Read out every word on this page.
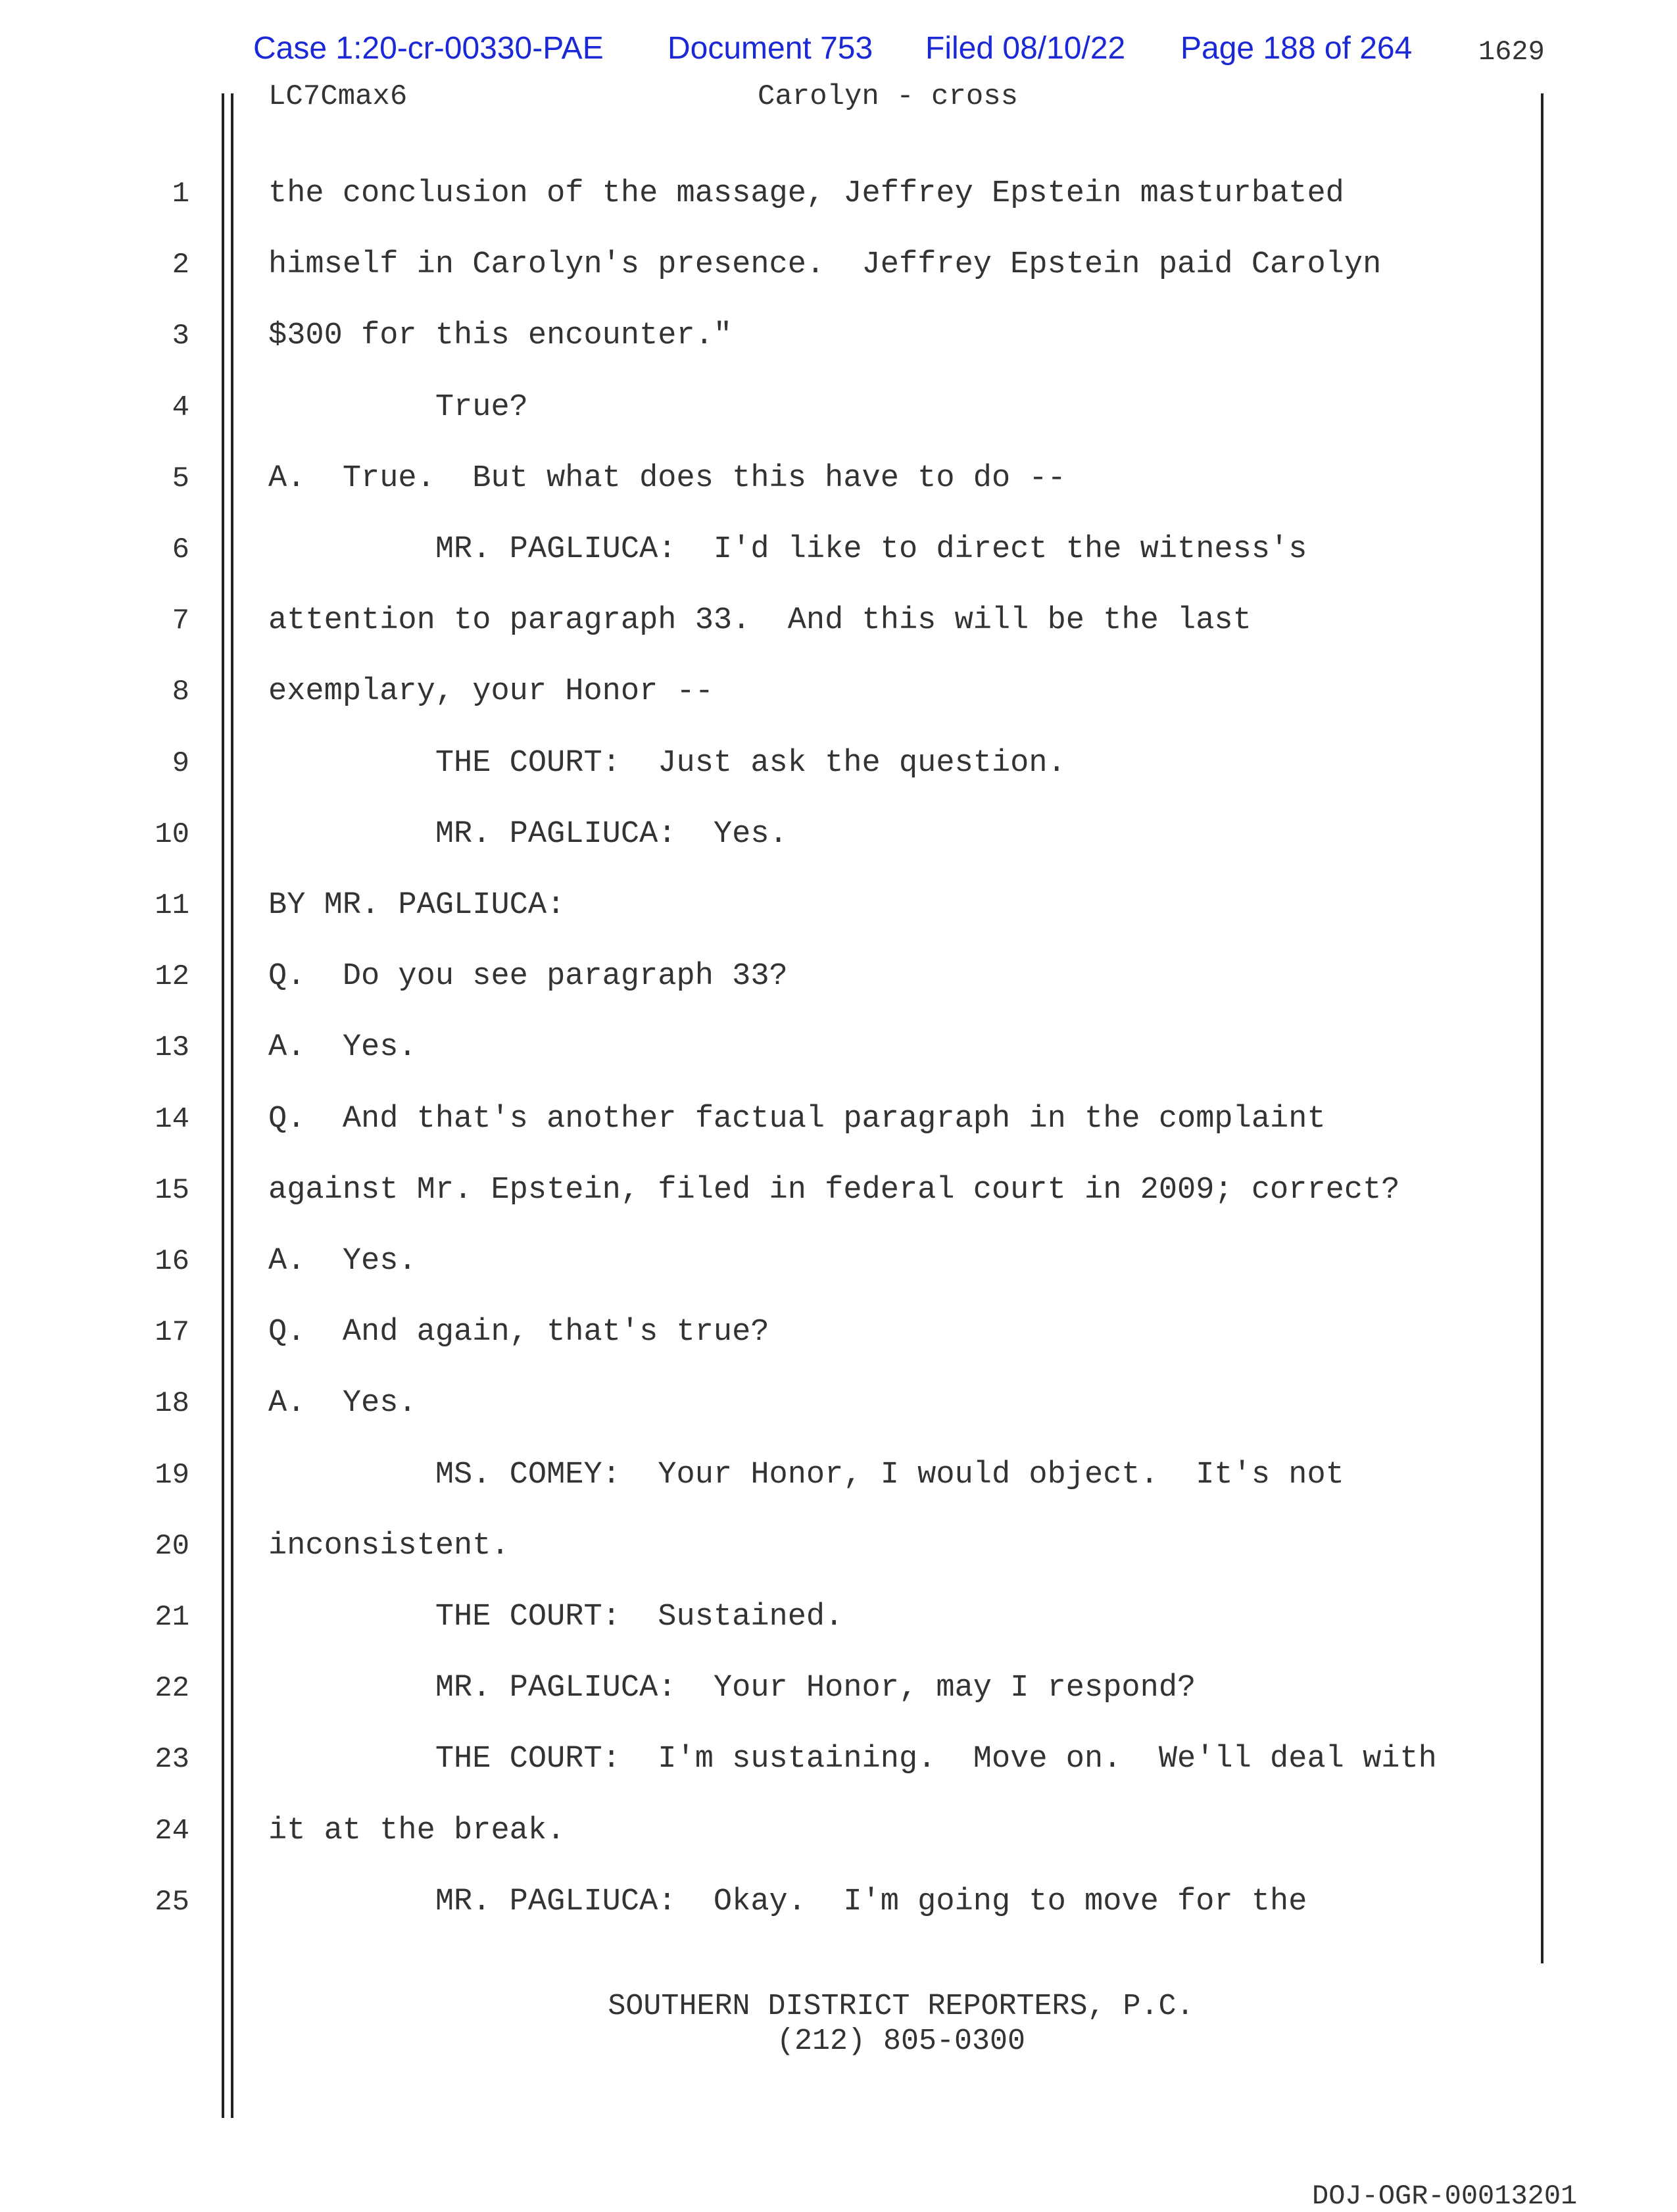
Case 1:20-cr-00330-PAE Document 753 Filed 08/10/22 Page 188 of 264 1629
LC7Cmax6	Carolyn - cross
1	the conclusion of the massage, Jeffrey Epstein masturbated
2	himself in Carolyn's presence.  Jeffrey Epstein paid Carolyn
3	$300 for this encounter."
4	True?
5	A.  True.  But what does this have to do --
6	MR. PAGLIUCA:  I'd like to direct the witness's
7	attention to paragraph 33.  And this will be the last
8	exemplary, your Honor --
9	THE COURT:  Just ask the question.
10	MR. PAGLIUCA:  Yes.
11	BY MR. PAGLIUCA:
12	Q.  Do you see paragraph 33?
13	A.  Yes.
14	Q.  And that's another factual paragraph in the complaint
15	against Mr. Epstein, filed in federal court in 2009; correct?
16	A.  Yes.
17	Q.  And again, that's true?
18	A.  Yes.
19	MS. COMEY:  Your Honor, I would object.  It's not
20	inconsistent.
21	THE COURT:  Sustained.
22	MR. PAGLIUCA:  Your Honor, may I respond?
23	THE COURT:  I'm sustaining.  Move on.  We'll deal with
24	it at the break.
25	MR. PAGLIUCA:  Okay.  I'm going to move for the
SOUTHERN DISTRICT REPORTERS, P.C.
(212) 805-0300
DOJ-OGR-00013201
